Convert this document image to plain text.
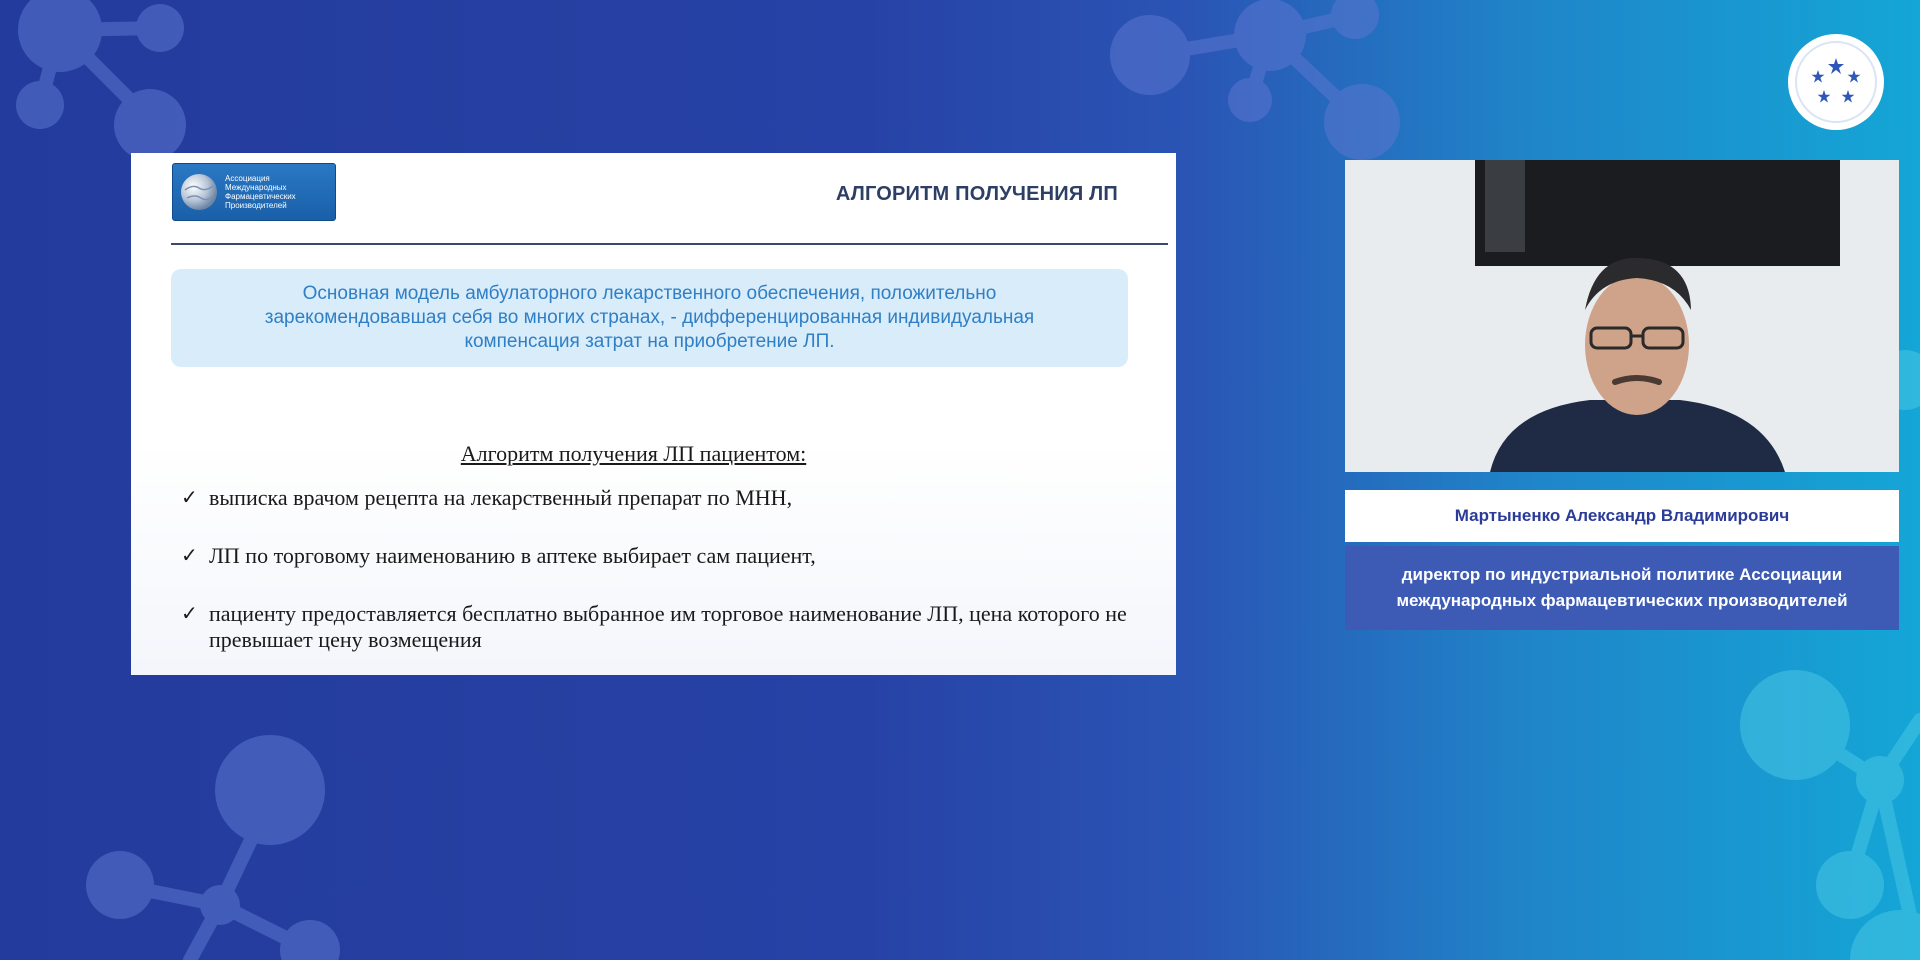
Ассоциация
Международных
Фармацевтических
Производителей
АЛГОРИТМ ПОЛУЧЕНИЯ ЛП
Основная модель амбулаторного лекарственного обеспечения, положительно
зарекомендовавшая себя во многих странах, - дифференцированная индивидуальная
компенсация затрат на приобретение ЛП.
Алгоритм получения ЛП пациентом:
✓ выписка врачом рецепта на лекарственный препарат по МНН,
✓ ЛП по торговому наименованию в аптеке выбирает сам пациент,
✓ пациенту предоставляется бесплатно выбранное им торговое наименование ЛП, цена которого не превышает цену возмещения
Мартыненко Александр Владимирович
директор по индустриальной политике Ассоциации
международных фармацевтических производителей
